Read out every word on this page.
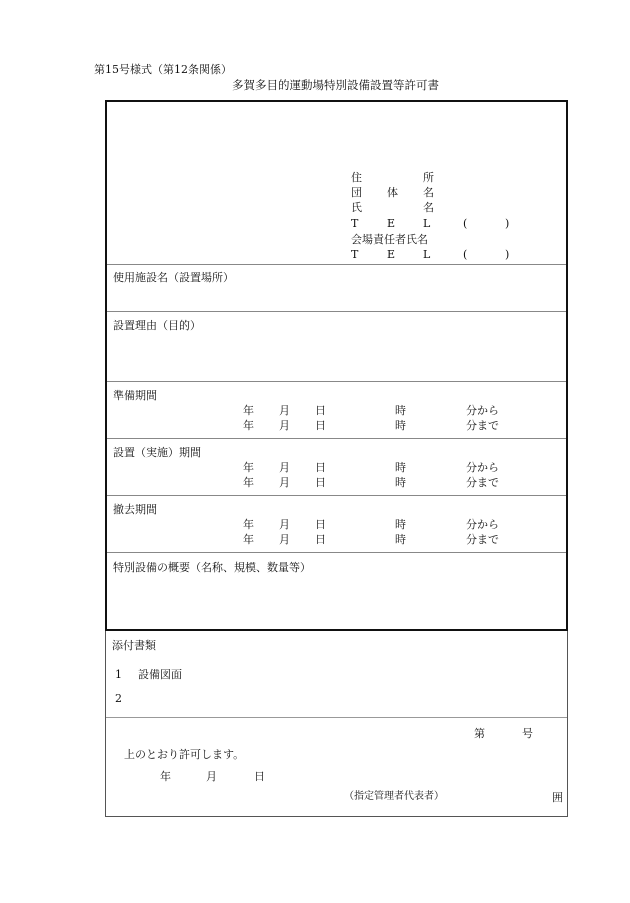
第15号様式（第12条関係）
多賀多目的運動場特別設備設置等許可書
住	所
団 体 名
氏	名
T	E	L	(	)
会場責任者氏名
T	E	L	(	)
使用施設名（設置場所）
設置理由（目的）
準備期間
年 月 日	時	分から
年 月 日	時	分まで
設置（実施）期間
年 月 日	時	分から
年 月 日	時	分まで
撤去期間
年 月 日	時	分から
年 月 日	時	分まで
特別設備の概要（名称、規模、数量等）
添付書類
1 設備図面
2
第	号
上のとおり許可します。
年	月	日
（指定管理者代表者）	囲
